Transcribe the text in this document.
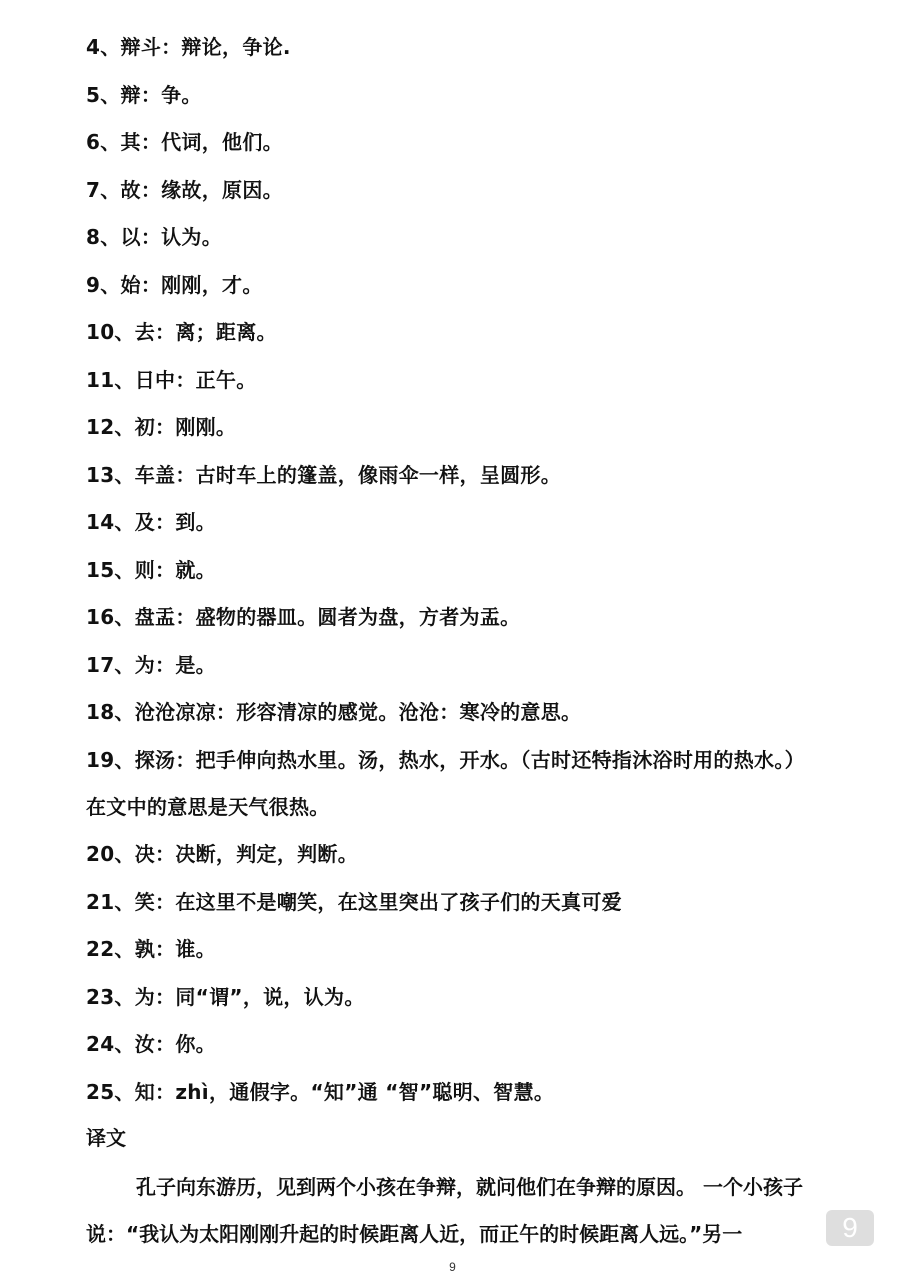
4、辩斗：辩论，争论.
5、辩：争。
6、其：代词，他们。
7、故：缘故，原因。
8、以：认为。
9、始：刚刚，才。
10、去：离；距离。
11、日中：正午。
12、初：刚刚。
13、车盖：古时车上的篷盖，像雨伞一样，呈圆形。
14、及：到。
15、则：就。
16、盘盂：盛物的器皿。圆者为盘，方者为盂。
17、为：是。
18、沧沧凉凉：形容清凉的感觉。沧沧：寒冷的意思。
19、探汤：把手伸向热水里。汤，热水，开水。（古时还特指沐浴时用的热水。）
在文中的意思是天气很热。
20、决：决断，判定，判断。
21、笑：在这里不是嘲笑，在这里突出了孩子们的天真可爱
22、孰：谁。
23、为：同“谓”，说，认为。
24、汝：你。
25、知：zhì，通假字。“知”通 “智”聪明、智慧。
译文
孔子向东游历，见到两个小孩在争辩，就问他们在争辩的原因。 一个小孩子说：“我认为太阳刚刚升起的时候距离人近，而正午的时候距离人远。”另一	9
9
